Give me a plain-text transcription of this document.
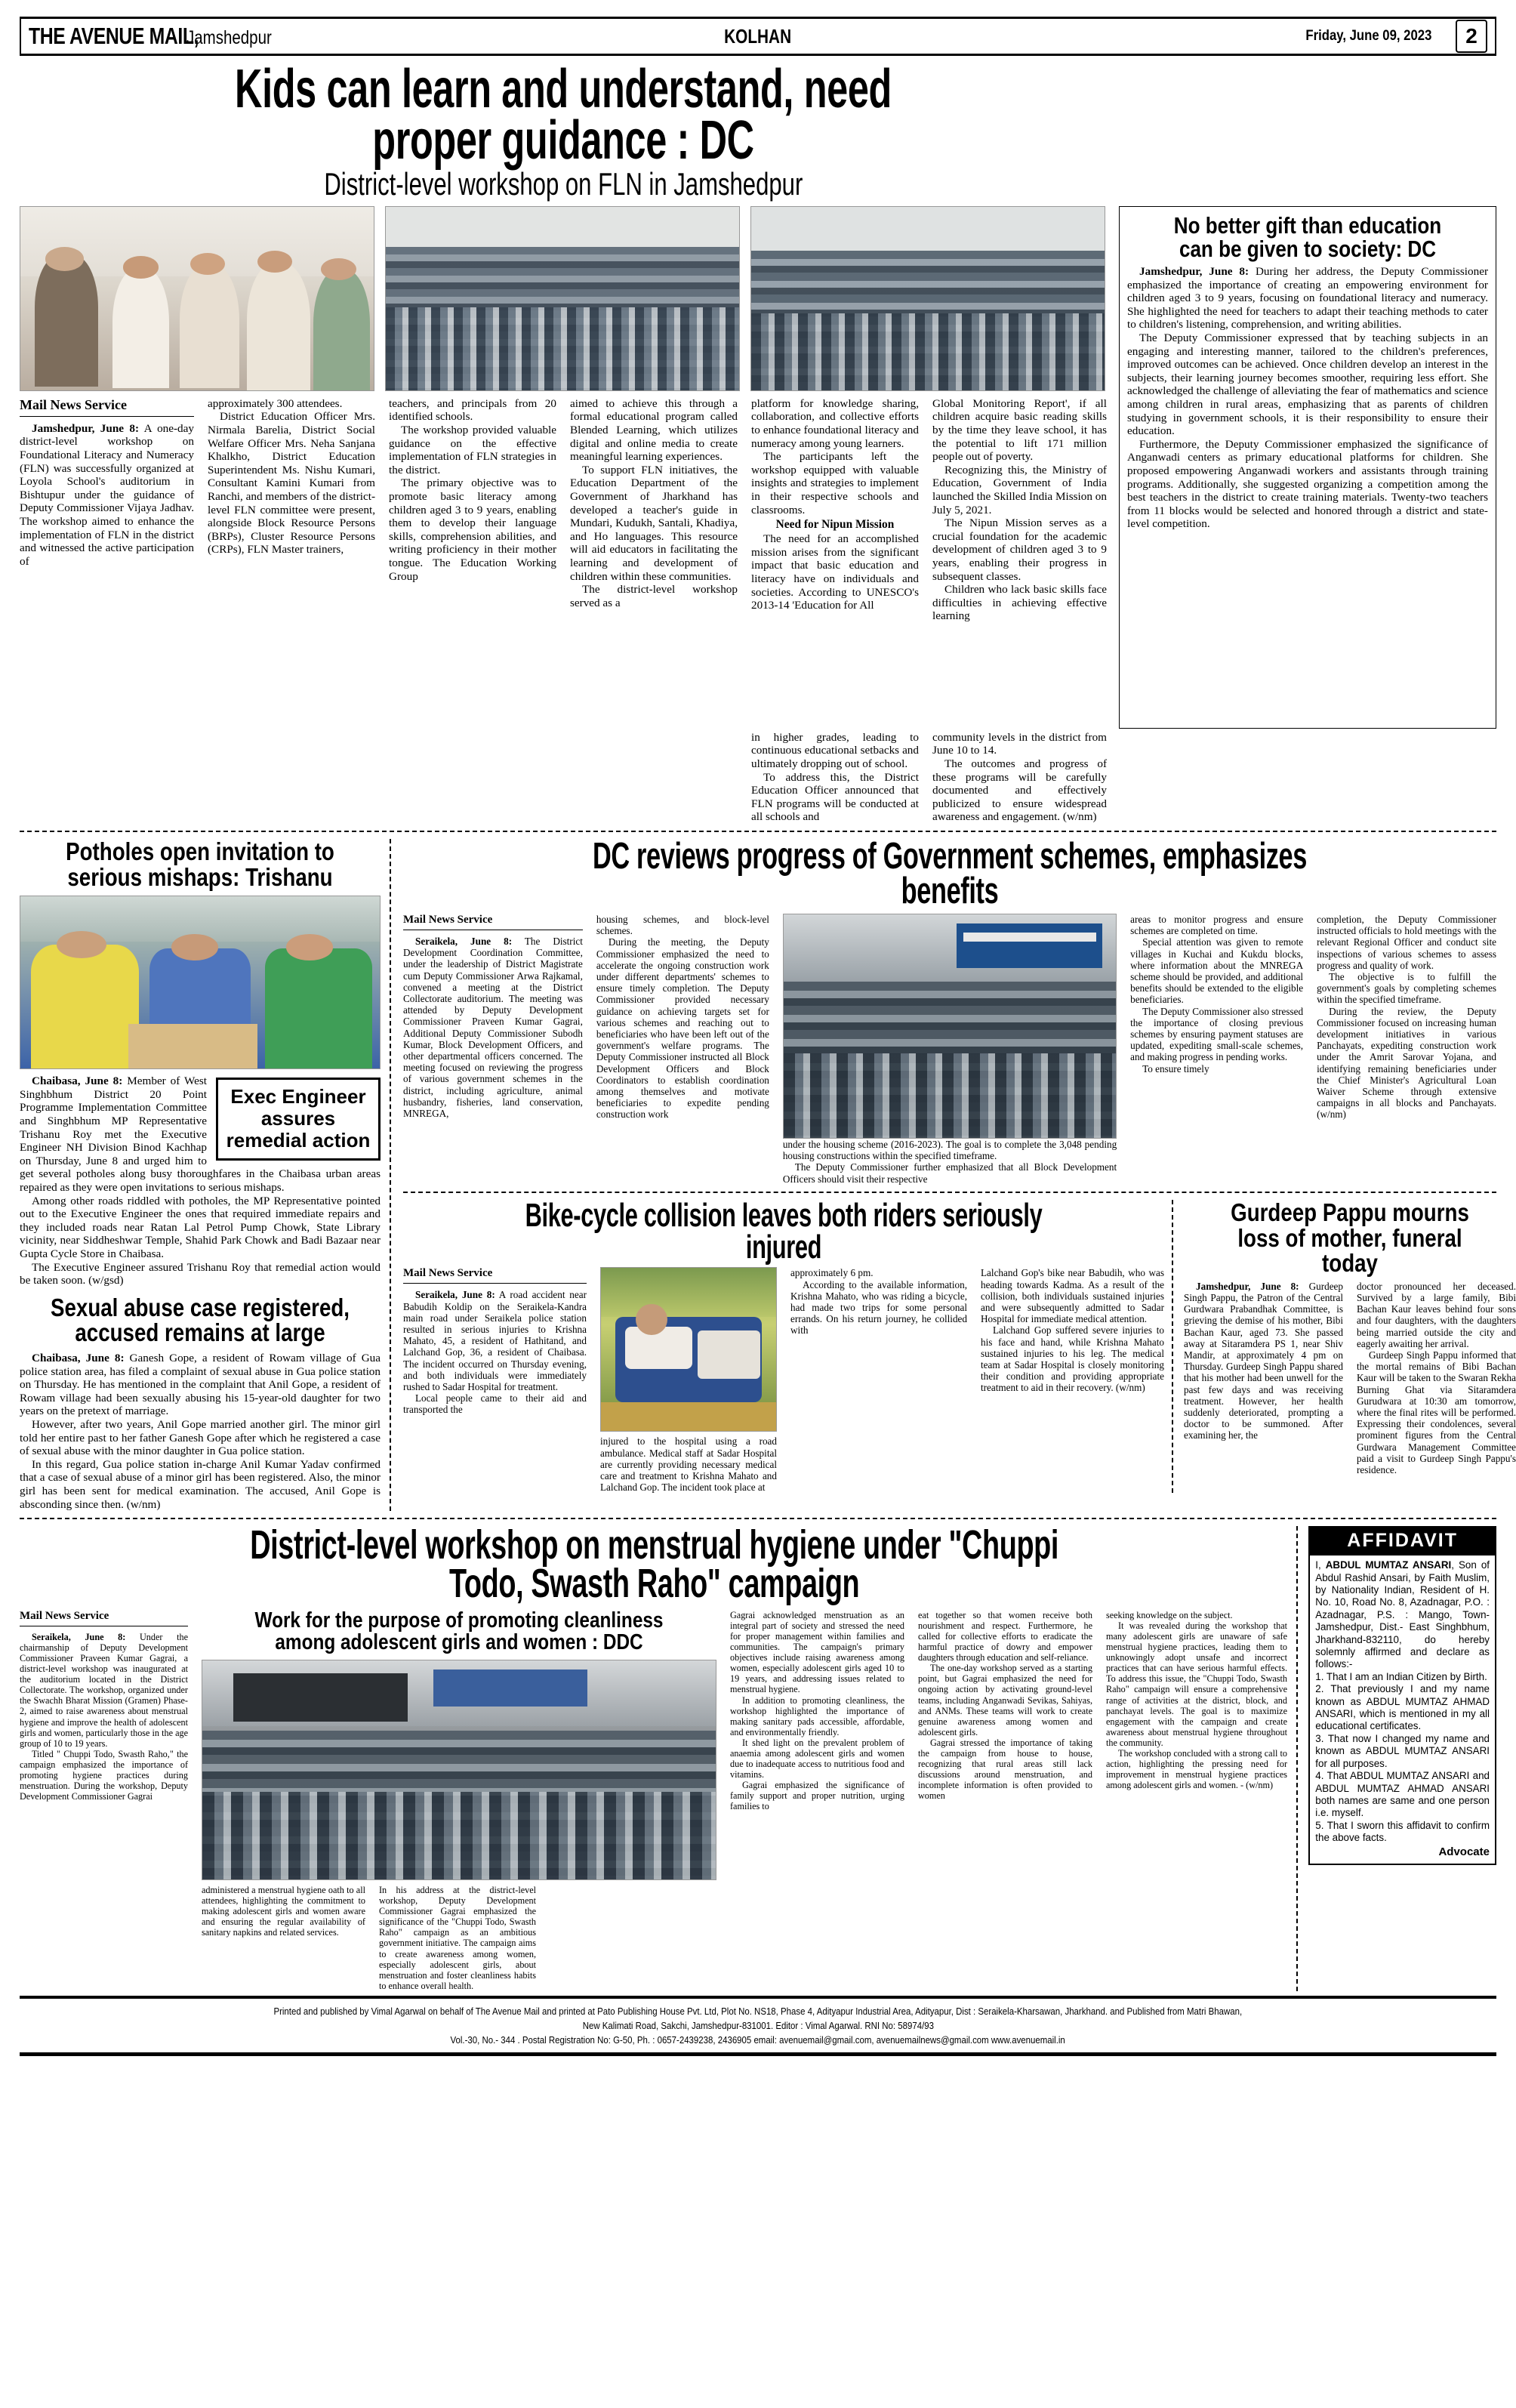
THE AVENUE MAIL,
Jamshedpur	KOLHAN	Friday, June 09, 2023	2
Kids can learn and understand, need proper guidance : DC
District-level workshop on FLN in Jamshedpur
Mail News Service

Jamshedpur, June 8: A one-day district-level workshop on Foundational Literacy and Numeracy (FLN) was successfully organized at Loyola School's auditorium in Bishtupur under the guidance of Deputy Commissioner Vijaya Jadhav. The workshop aimed to enhance the implementation of FLN in the district and witnessed the active participation of

approximately 300 attendees.

District Education Officer Mrs. Nirmala Barelia, District Social Welfare Officer Mrs. Neha Sanjana Khalkho, District Education Superintendent Ms. Nishu Kumari, Consultant Kamini Kumari from Ranchi, and members of the district-level FLN committee were present, alongside Block Resource Persons (BRPs), Cluster Resource Persons (CRPs), FLN Master trainers,

teachers, and principals from 20 identified schools.

The workshop provided valuable guidance on the effective implementation of FLN strategies in the district.

The primary objective was to promote basic literacy among children aged 3 to 9 years, enabling them to develop their language skills, comprehension abilities, and writing proficiency in their mother tongue. The Education Working Group

aimed to achieve this through a formal educational program called Blended Learning, which utilizes digital and online media to create meaningful learning experiences.

To support FLN initiatives, the Education Department of the Government of Jharkhand has developed a teacher's guide in Mundari, Kudukh, Santali, Khadiya, and Ho languages. This resource will aid educators in facilitating the learning and development of children within these communities.

The district-level workshop served as a

platform for knowledge sharing, collaboration, and collective efforts to enhance foundational literacy and numeracy among young learners.

The participants left the workshop equipped with valuable insights and strategies to implement in their respective schools and classrooms.

Need for Nipun Mission

The need for an accomplished mission arises from the significant impact that basic education and literacy have on individuals and societies. According to UNESCO's 2013-14 'Education for All

Global Monitoring Report', if all children acquire basic reading skills by the time they leave school, it has the potential to lift 171 million people out of poverty.

Recognizing this, the Ministry of Education, Government of India launched the Skilled India Mission on July 5, 2021.

The Nipun Mission serves as a crucial foundation for the academic development of children aged 3 to 9 years, enabling their progress in subsequent classes.

Children who lack basic skills face difficulties in achieving effective learning

No better gift than education can be given to society: DC

Jamshedpur, June 8: During her address, the Deputy Commissioner emphasized the importance of creating an empowering environment for children aged 3 to 9 years, focusing on foundational literacy and numeracy. She highlighted the need for teachers to adapt their teaching methods to cater to children's listening, comprehension, and writing abilities.

The Deputy Commissioner expressed that by teaching subjects in an engaging and interesting manner, tailored to the children's preferences, improved outcomes can be achieved. Once children develop an interest in the subjects, their learning journey becomes smoother, requiring less effort. She acknowledged the challenge of alleviating the fear of mathematics and science among children in rural areas, emphasizing that as parents of children studying in government schools, it is their responsibility to ensure their education.

Furthermore, the Deputy Commissioner emphasized the significance of Anganwadi centers as primary educational platforms for children. She proposed empowering Anganwadi workers and assistants through training programs. Additionally, she suggested organizing a competition among the best teachers in the district to create training materials. Twenty-two teachers from 11 blocks would be selected and honored through a district and state-level competition.

in higher grades, leading to continuous educational setbacks and ultimately dropping out of school.

To address this, the District Education Officer announced that FLN programs will be conducted at all schools and

community levels in the district from June 10 to 14.

The outcomes and progress of these programs will be carefully documented and effectively publicized to ensure widespread awareness and engagement. (w/nm)

Potholes open invitation to serious mishaps: Trishanu
Exec Engineer assures remedial action

Chaibasa, June 8: Member of West Singhbhum District 20 Point Programme Implementation Committee and Singhbhum MP Representative Trishanu Roy met the Executive Engineer NH Division Binod Kachhap on Thursday, June 8 and urged him to get several potholes along busy thoroughfares in the Chaibasa urban areas repaired as they were open invitations to serious mishaps.

Among other roads riddled with potholes, the MP Representative pointed out to the Executive Engineer the ones that required immediate repairs and they included roads near Ratan Lal Petrol Pump Chowk, State Library vicinity, near Siddheshwar Temple, Shahid Park Chowk and Badi Bazaar near Gupta Cycle Store in Chaibasa.

The Executive Engineer assured Trishanu Roy that remedial action would be taken soon. (w/gsd)

Sexual abuse case registered, accused remains at large

Chaibasa, June 8: Ganesh Gope, a resident of Rowam village of Gua police station area, has filed a complaint of sexual abuse in Gua police station on Thursday. He has mentioned in the complaint that Anil Gope, a resident of Rowam village had been sexually abusing his 15-year-old daughter for two years on the pretext of marriage.

However, after two years, Anil Gope married another girl. The minor girl told her entire past to her father Ganesh Gope after which he registered a case of sexual abuse with the minor daughter in Gua police station.

In this regard, Gua police station in-charge Anil Kumar Yadav confirmed that a case of sexual abuse of a minor girl has been registered. Also, the minor girl has been sent for medical examination. The accused, Anil Gope is absconding since then. (w/nm)

DC reviews progress of Government schemes, emphasizes benefits
Mail News Service

Seraikela, June 8: The District Development Coordination Committee, under the leadership of District Magistrate cum Deputy Commissioner Arwa Rajkamal, convened a meeting at the District Collectorate auditorium. The meeting was attended by Deputy Development Commissioner Praveen Kumar Gagrai, Additional Deputy Commissioner Subodh Kumar, Block Development Officers, and other departmental officers concerned. The meeting focused on reviewing the progress of various government schemes in the district, including agriculture, animal husbandry, fisheries, land conservation, MNREGA,

housing schemes, and block-level schemes.

During the meeting, the Deputy Commissioner emphasized the need to accelerate the ongoing construction work under different departments' schemes to ensure timely completion. The Deputy Commissioner provided necessary guidance on achieving targets set for various schemes and reaching out to beneficiaries who have been left out of the government's welfare programs. The Deputy Commissioner instructed all Block Development Officers and Block Coordinators to establish coordination among themselves and motivate beneficiaries to expedite pending construction work

areas to monitor progress and ensure schemes are completed on time.

Special attention was given to remote villages in Kuchai and Kukdu blocks, where information about the MNREGA scheme should be provided, and additional benefits should be extended to the eligible beneficiaries.

The Deputy Commissioner also stressed the importance of closing previous schemes by ensuring payment statuses are updated, expediting small-scale schemes, and making progress in pending works.

To ensure timely

completion, the Deputy Commissioner instructed officials to hold meetings with the relevant Regional Officer and conduct site inspections of various schemes to assess progress and quality of work.

The objective is to fulfill the government's goals by completing schemes within the specified timeframe.

During the review, the Deputy Commissioner focused on increasing human development initiatives in various Panchayats, expediting construction work under the Amrit Sarovar Yojana, and identifying remaining beneficiaries under the Chief Minister's Agricultural Loan Waiver Scheme through extensive campaigns in all blocks and Panchayats. (w/nm)

under the housing scheme (2016-2023). The goal is to complete the 3,048 pending housing constructions within the specified timeframe.

The Deputy Commissioner further emphasized that all Block Development Officers should visit their respective

Bike-cycle collision leaves both riders seriously injured
Mail News Service

Seraikela, June 8: A road accident near Babudih Koldip on the Seraikela-Kandra main road under Seraikela police station resulted in serious injuries to Krishna Mahato, 45, a resident of Hathitand, and Lalchand Gop, 36, a resident of Chaibasa. The incident occurred on Thursday evening, and both individuals were immediately rushed to Sadar Hospital for treatment.

Local people came to their aid and transported the

injured to the hospital using a road ambulance. Medical staff at Sadar Hospital are currently providing necessary medical care and treatment to Krishna Mahato and Lalchand Gop. The incident took place at

approximately 6 pm.

According to the available information, Krishna Mahato, who was riding a bicycle, had made two trips for some personal errands. On his return journey, he collided with

Lalchand Gop's bike near Babudih, who was heading towards Kadma. As a result of the collision, both individuals sustained injuries and were subsequently admitted to Sadar Hospital for immediate medical attention.

Lalchand Gop suffered severe injuries to his face and hand, while Krishna Mahato sustained injuries to his leg. The medical team at Sadar Hospital is closely monitoring their condition and providing appropriate treatment to aid in their recovery. (w/nm)

Gurdeep Pappu mourns loss of mother, funeral today

Jamshedpur, June 8: Gurdeep Singh Pappu, the Patron of the Central Gurdwara Prabandhak Committee, is grieving the demise of his mother, Bibi Bachan Kaur, aged 73. She passed away at Sitaramdera PS 1, near Shiv Mandir, at approximately 4 pm on Thursday. Gurdeep Singh Pappu shared that his mother had been unwell for the past few days and was receiving treatment. However, her health suddenly deteriorated, prompting a doctor to be summoned. After examining her, the

doctor pronounced her deceased. Survived by a large family, Bibi Bachan Kaur leaves behind four sons and four daughters, with the daughters being married outside the city and eagerly awaiting her arrival.

Gurdeep Singh Pappu informed that the mortal remains of Bibi Bachan Kaur will be taken to the Swaran Rekha Burning Ghat via Sitaramdera Gurudwara at 10:30 am tomorrow, where the final rites will be performed. Expressing their condolences, several prominent figures from the Central Gurdwara Management Committee paid a visit to Gurdeep Singh Pappu's residence.

District-level workshop on menstrual hygiene under "Chuppi Todo, Swasth Raho" campaign
Mail News Service

Seraikela, June 8: Under the chairmanship of Deputy Development Commissioner Praveen Kumar Gagrai, a district-level workshop was inaugurated at the auditorium located in the District Collectorate. The workshop, organized under the Swachh Bharat Mission (Gramen) Phase-2, aimed to raise awareness about menstrual hygiene and improve the health of adolescent girls and women, particularly those in the age group of 10 to 19 years.

Titled " Chuppi Todo, Swasth Raho," the campaign emphasized the importance of promoting hygiene practices during menstruation. During the workshop, Deputy Development Commissioner Gagrai

Work for the purpose of promoting cleanliness among adolescent girls and women : DDC

administered a menstrual hygiene oath to all attendees, highlighting the commitment to making adolescent girls and women aware and ensuring the regular availability of sanitary napkins and related services.

In his address at the district-level workshop, Deputy Development Commissioner Gagrai emphasized the significance of the "Chuppi Todo, Swasth Raho" campaign as an ambitious government initiative. The campaign aims to create awareness among women, especially adolescent girls, about menstruation and foster cleanliness habits to enhance overall health.

Gagrai acknowledged menstruation as an integral part of society and stressed the need for proper management within families and communities. The campaign's primary objectives include raising awareness among women, especially adolescent girls aged 10 to 19 years, and addressing issues related to menstrual hygiene.

In addition to promoting cleanliness, the workshop highlighted the importance of making sanitary pads accessible, affordable, and environmentally friendly.

It shed light on the prevalent problem of anaemia among adolescent girls and women due to inadequate access to nutritious food and vitamins.

Gagrai emphasized the significance of family support and proper nutrition, urging families to

eat together so that women receive both nourishment and respect. Furthermore, he called for collective efforts to eradicate the harmful practice of dowry and empower daughters through education and self-reliance.

The one-day workshop served as a starting point, but Gagrai emphasized the need for ongoing action by activating ground-level teams, including Anganwadi Sevikas, Sahiyas, and ANMs. These teams will work to create genuine awareness among women and adolescent girls.

Gagrai stressed the importance of taking the campaign from house to house, recognizing that rural areas still lack discussions around menstruation, and incomplete information is often provided to women

seeking knowledge on the subject.

It was revealed during the workshop that many adolescent girls are unaware of safe menstrual hygiene practices, leading them to unknowingly adopt unsafe and incorrect practices that can have serious harmful effects. To address this issue, the "Chuppi Todo, Swasth Raho" campaign will ensure a comprehensive range of activities at the district, block, and panchayat levels. The goal is to maximize engagement with the campaign and create awareness about menstrual hygiene throughout the community.

The workshop concluded with a strong call to action, highlighting the pressing need for improvement in menstrual hygiene practices among adolescent girls and women. - (w/nm)

AFFIDAVIT

I, ABDUL MUMTAZ ANSARI, Son of Abdul Rashid Ansari, by Faith Muslim, by Nationality Indian, Resident of H. No. 10, Road No. 8, Azadnagar, P.O. : Azadnagar, P.S. : Mango, Town- Jamshedpur, Dist.- East Singhbhum, Jharkhand-832110, do hereby solemnly affirmed and declare as follows:-
1. That I am an Indian Citizen by Birth.
2. That previously I and my name known as ABDUL MUMTAZ AHMAD ANSARI, which is mentioned in my all educational certificates.
3. That now I changed my name and known as ABDUL MUMTAZ ANSARI for all purposes.
4. That ABDUL MUMTAZ ANSARI and ABDUL MUMTAZ AHMAD ANSARI both names are same and one person i.e. myself.
5. That I sworn this affidavit to confirm the above facts.

Advocate
Printed and published by Vimal Agarwal on behalf of The Avenue Mail and printed at Pato Publishing House Pvt. Ltd, Plot No. NS18, Phase 4, Adityapur Industrial Area, Adityapur, Dist : Seraikela-Kharsawan, Jharkhand. and Published from Matri Bhawan,
New Kalimati Road, Sakchi, Jamshedpur-831001. Editor : Vimal Agarwal. RNI No: 58974/93
Vol.-30, No.- 344 . Postal Registration No: G-50, Ph. : 0657-2439238, 2436905 email: avenuemail@gmail.com, avenuemailnews@gmail.com www.avenuemail.in
